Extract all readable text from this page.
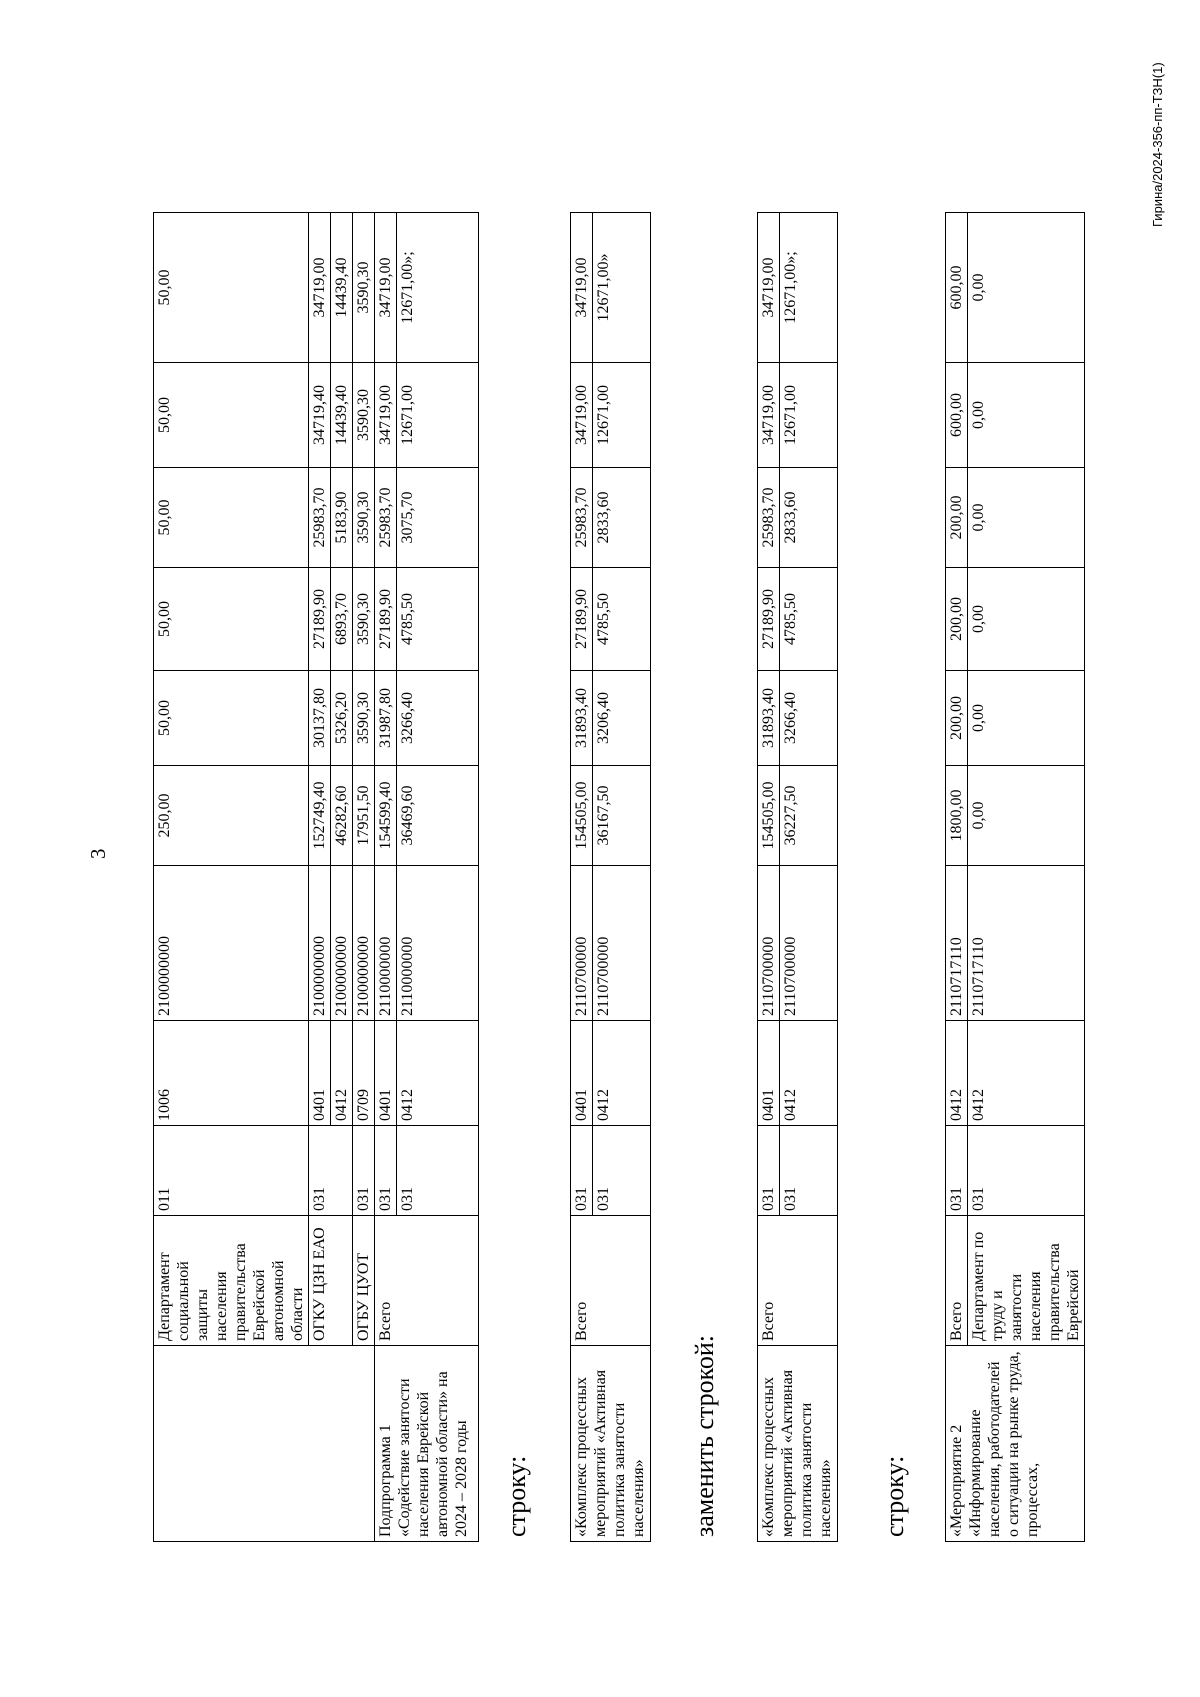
3
	Департамент социальной защиты населения правительства Еврейской автономной области	011	1006	2100000000	250,00	50,00	50,00	50,00	50,00	50,00
	ОГКУ ЦЗН ЕАО	031	0401	2100000000	152749,40	30137,80	27189,90	25983,70	34719,40	34719,00
			0412	2100000000	46282,60	5326,20	6893,70	5183,90	14439,40	14439,40
	ОГБУ ЦУОТ	031	0709	2100000000	17951,50	3590,30	3590,30	3590,30	3590,30	3590,30
Подпрограмма 1 «Содействие занятости населения Еврейской автономной области» на 2024 – 2028 годы	Всего	031	0401	2110000000	154599,40	31987,80	27189,90	25983,70	34719,00	34719,00
		031	0412	2110000000	36469,60	3266,40	4785,50	3075,70	12671,00	12671,00»;
строку:	«Комплекс процессных мероприятий «Активная политика занятости населения»	Всего	031	0401	2110700000	154505,00	31893,40	27189,90	25983,70	34719,00	34719,00
		031	0412	2110700000	36167,50	3206,40	4785,50	2833,60	12671,00	12671,00»
заменить строкой:	«Комплекс процессных мероприятий «Активная политика занятости населения»	Всего	031	0401	2110700000	154505,00	31893,40	27189,90	25983,70	34719,00	34719,00
		031	0412	2110700000	36227,50	3266,40	4785,50	2833,60	12671,00	12671,00»;
строку: «Мероприятие 2 «Информирование населения, работодателей о ситуации на рынке труда, процессах,	Всего	031	0412	2110717110	1800,00	200,00	200,00	200,00	600,00	600,00
	Департамент по труду и занятости населения правительства Еврейской	031	0412	2110717110	0,00	0,00	0,00	0,00	0,00	0,00
Гирина/2024-356-пп-ТЗН(1)
